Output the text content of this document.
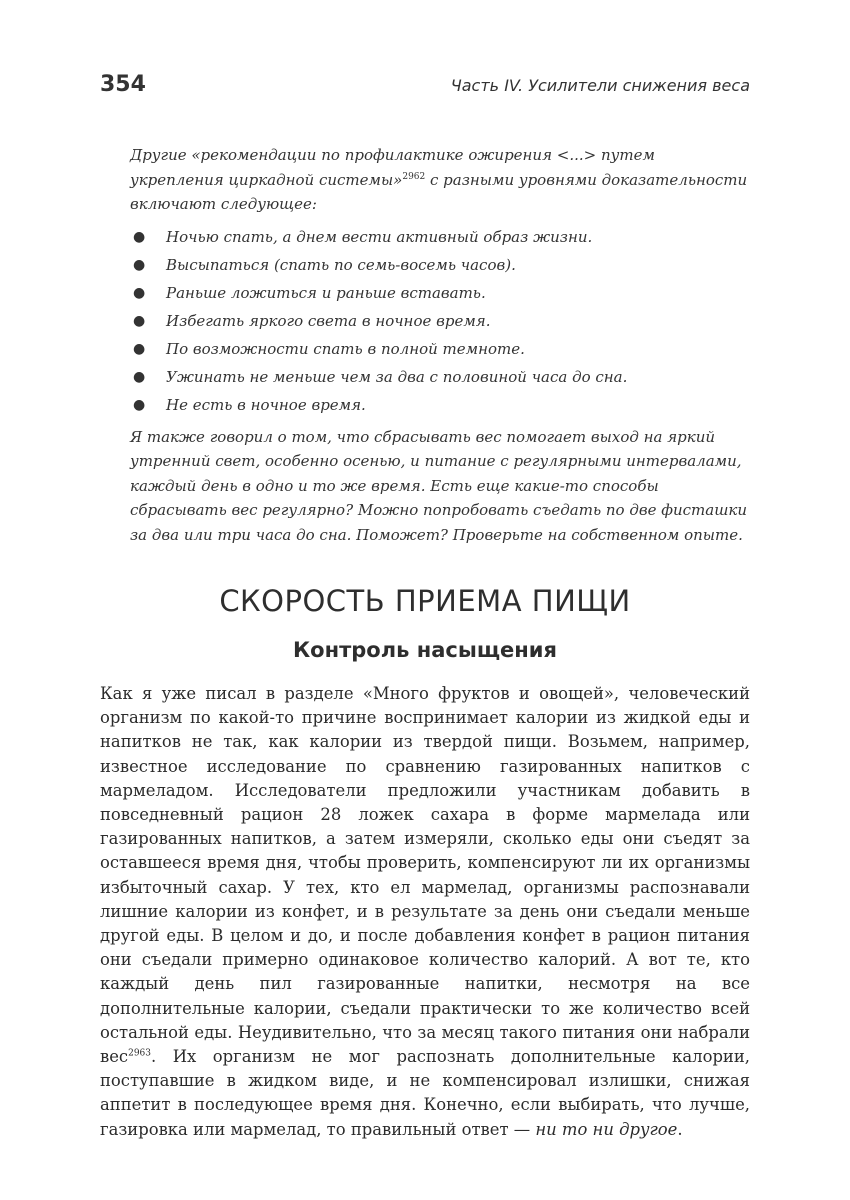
354	Часть IV. Усилители снижения веса

Другие «рекомендации по профилактике ожирения <...> путем укрепления циркадной системы»$^{2962}$ с разными уровнями доказательности включают следующее:

● Ночью спать, а днем вести активный образ жизни.
● Высыпаться (спать по семь-восемь часов).
● Раньше ложиться и раньше вставать.
● Избегать яркого света в ночное время.
● По возможности спать в полной темноте.
● Ужинать не меньше чем за два с половиной часа до сна.
● Не есть в ночное время.

Я также говорил о том, что сбрасывать вес помогает выход на яркий утренний свет, особенно осенью, и питание с регулярными интервалами, каждый день в одно и то же время. Есть еще какие-то способы сбрасывать вес регулярно? Можно попробовать съедать по две фисташки за два или три часа до сна. Поможет? Проверьте на собственном опыте.

СКОРОСТЬ ПРИЕМА ПИЩИ
Контроль насыщения

Как я уже писал в разделе «Много фруктов и овощей», человеческий организм по какой-то причине воспринимает калории из жидкой еды и напитков не так, как калории из твердой пищи. Возьмем, например, известное исследование по сравнению газированных напитков с мармеладом. Исследователи предложили участникам добавить в повседневный рацион 28 ложек сахара в форме мармелада или газированных напитков, а затем измеряли, сколько еды они съедят за оставшееся время дня, чтобы проверить, компенсируют ли их организмы избыточный сахар. У тех, кто ел мармелад, организмы распознавали лишние калории из конфет, и в результате за день они съедали меньше другой еды. В целом и до, и после добавления конфет в рацион питания они съедали примерно одинаковое количество калорий. А вот те, кто каждый день пил газированные напитки, несмотря на все дополнительные калории, съедали практически то же количество всей остальной еды. Неудивительно, что за месяц такого питания они набрали вес$^{2963}$. Их организм не мог распознать дополнительные калории, поступавшие в жидком виде, и не компенсировал излишки, снижая аппетит в последующее время дня. Конечно, если выбирать, что лучше, газировка или мармелад, то правильный ответ — ни то ни другое.
